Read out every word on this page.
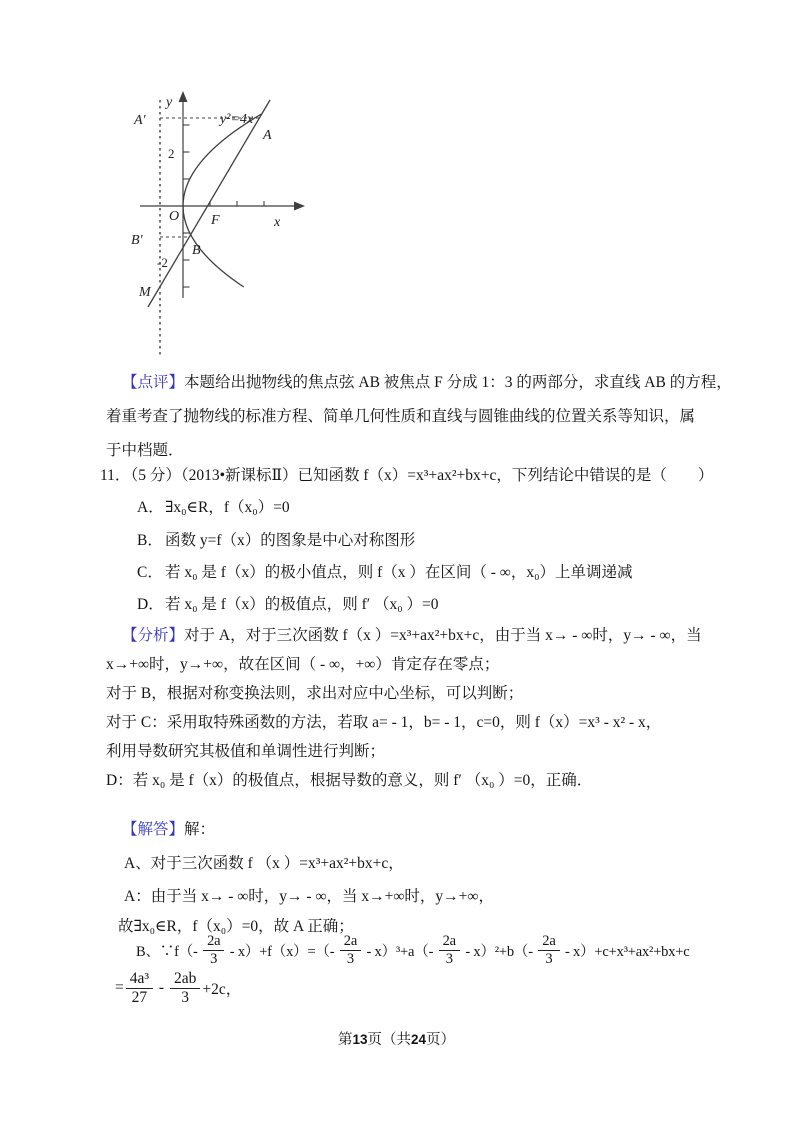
y
x
A′
A
O F
B′
B
M
y²=4x
2
-2
【点评】本题给出抛物线的焦点弦 AB 被焦点 F 分成 1：3 的两部分，求直线 AB 的方程，
着重考查了抛物线的标准方程、简单几何性质和直线与圆锥曲线的位置关系等知识，属
于中档题．
11．（5 分）（2013•新课标Ⅱ）已知函数 f（x）=x³+ax²+bx+c，下列结论中错误的是（　　）
A．∃x₀∈R，f（x₀）=0
B． 函数 y=f（x）的图象是中心对称图形
C． 若 x₀ 是 f（x）的极小值点，则 f（x ）在区间（ - ∞，x₀）上单调递减
D．若 x₀ 是 f（x）的极值点，则 f′ （x₀ ）=0
【分析】对于 A，对于三次函数 f（x ）=x³+ax²+bx+c，由于当 x→ - ∞时，y→ - ∞，当
x→+∞时，y→+∞，故在区间（ - ∞，+∞）肯定存在零点；
对于 B，根据对称变换法则，求出对应中心坐标，可以判断；
对于 C：采用取特殊函数的方法，若取 a= - 1，b= - 1，c=0，则 f（x）=x³ - x² - x，
利用导数研究其极值和单调性进行判断；
D：若 x₀ 是 f（x）的极值点，根据导数的意义，则 f′ （x₀ ）=0，正确．
【解答】解：
A、对于三次函数 f （x ）=x³+ax²+bx+c，
A：由于当 x→ - ∞时，y→ - ∞，当 x→+∞时，y→+∞，
故∃x₀∈R，f（x₀）=0，故 A 正确；
B、∵f（- $\frac{2a}{3} - x)+f(x)=(- \frac{2a}{3} - x)^3+a(- \frac{2a}{3} - x)^2+b(- \frac{2a}{3} - x)+c+x^3+ax^2+bx+c$
= $\frac{\text{4a³}}{27} - \frac{2ab}{3} +2c$，
第13页（共24页）
